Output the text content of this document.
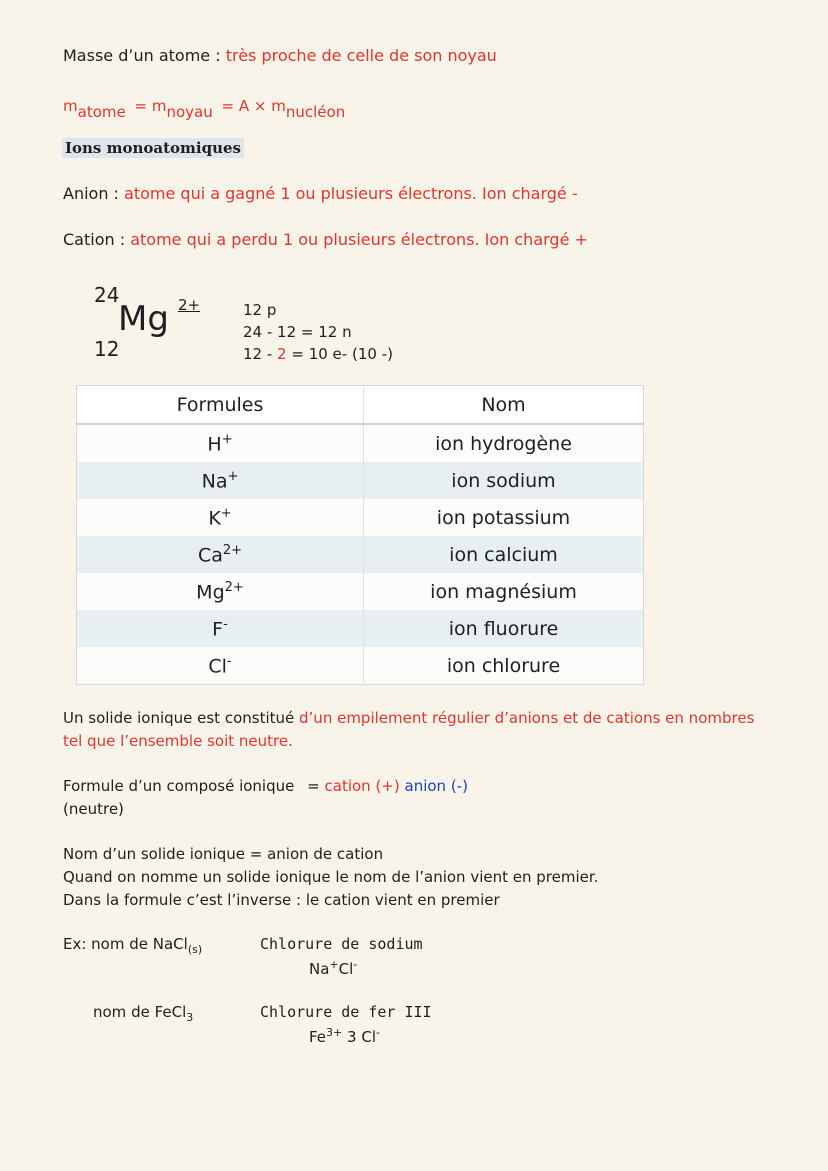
Masse d’un atome : très proche de celle de son noyau
matome = mnoyau = A × mnucléon
Ions monoatomiques
Anion : atome qui a gagné 1 ou plusieurs électrons. Ion chargé -
Cation : atome qui a perdu 1 ou plusieurs électrons. Ion chargé +
24
Mg 2+
12
12 p
24 - 12 = 12 n
12 - 2 = 10 e- (10 -)
Formules	Nom
H+	ion hydrogène
Na+	ion sodium
K+	ion potassium
$Ca^{2+}$	ion calcium
$Mg^{2+}$	ion magnésium
F-	ion fluorure
Cl-	ion chlorure
Un solide ionique est constitué d’un empilement régulier d’anions et de cations en nombres
tel que l’ensemble soit neutre.
Formule d’un composé ionique = cation (+) anion (-)
(neutre)
Nom d’un solide ionique = anion de cation
Quand on nomme un solide ionique le nom de l’anion vient en premier.
Dans la formule c’est l’inverse : le cation vient en premier
Ex: nom de NaCl$_{(s)}$	Chlorure de sodium
Na+Cl-
nom de FeCl$_3$	Chlorure de fer III
$Fe^{3+}$ 3 Cl-
